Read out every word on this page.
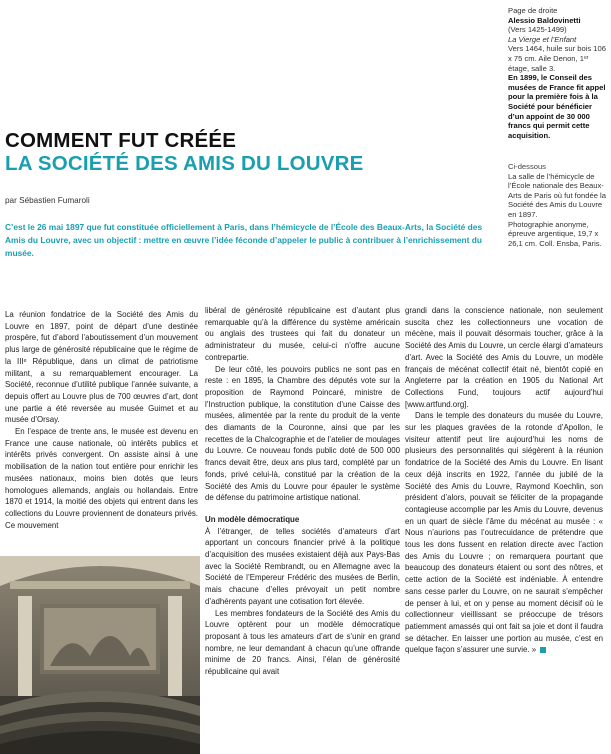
Page de droite

Alessio Baldovinetti

(Vers 1425-1499)

La Vierge et l’Enfant

Vers 1464, huile sur bois 106 x 75 cm. Aile Denon, 1ᵉʳ étage, salle 3.

En 1899, le Conseil des musées de France fit appel pour la première fois à la Société pour bénéficier d’un appoint de 30 000 francs qui permit cette acquisition.

Ci-dessous

La salle de l’hémicycle de l’École nationale des Beaux-Arts de Paris où fut fondée la Société des Amis du Louvre en 1897.

Photographie anonyme, épreuve argentique, 19,7 x 26,1 cm. Coll. Ensba, Paris.

COMMENT FUT CRÉÉE
LA SOCIÉTÉ DES AMIS DU LOUVRE
par Sébastien Fumaroli
C’est le 26 mai 1897 que fut constituée officiellement à Paris, dans l’hémicycle de l’École des Beaux-Arts, la Société des Amis du Louvre, avec un objectif : mettre en œuvre l’idée féconde d’appeler le public à contribuer à l’enrichissement du musée.

La réunion fondatrice de la Société des Amis du Louvre en 1897, point de départ d’une destinée prospère, fut d’abord l’aboutissement d’un mouvement plus large de générosité républicaine que le régime de la IIIᵉ République, dans un climat de patriotisme militant, a su remarquablement encourager. La Société, reconnue d’utilité publique l’année suivante, a depuis offert au Louvre plus de 700 œuvres d’art, dont une partie a été reversée au musée Guimet et au musée d’Orsay.

En l’espace de trente ans, le musée est devenu en France une cause nationale, où intérêts publics et intérêts privés convergent. On assiste ainsi à une mobilisation de la nation tout entière pour enrichir les musées nationaux, moins bien dotés que leurs homologues allemands, anglais ou hollandais. Entre 1870 et 1914, la moitié des objets qui entrent dans les collections du Louvre proviennent de donateurs privés. Ce mouvement

libéral de générosité républicaine est d’autant plus remarquable qu’à la différence du système américain ou anglais des trustees qui fait du donateur un administrateur du musée, celui-ci n’offre aucune contrepartie.

De leur côté, les pouvoirs publics ne sont pas en reste : en 1895, la Chambre des députés vote sur la proposition de Raymond Poincaré, ministre de l’Instruction publique, la constitution d’une Caisse des musées, alimentée par la rente du produit de la vente des diamants de la Couronne, ainsi que par les recettes de la Chalcographie et de l’atelier de moulages du Louvre. Ce nouveau fonds public doté de 500 000 francs devait être, deux ans plus tard, complété par un fonds, privé celui-là, constitué par la création de la Société des Amis du Louvre pour épauler le système de défense du patrimoine artistique national.

Un modèle démocratique

À l’étranger, de telles sociétés d’amateurs d’art apportant un concours financier privé à la politique d’acquisition des musées existaient déjà aux Pays-Bas avec la Société Rembrandt, ou en Allemagne avec la Société de l’Empereur Frédéric des musées de Berlin, mais chacune d’elles prévoyait un petit nombre d’adhérents payant une cotisation fort élevée.

Les membres fondateurs de la Société des Amis du Louvre optèrent pour un modèle démocratique proposant à tous les amateurs d’art de s’unir en grand nombre, ne leur demandant à chacun qu’une offrande minime de 20 francs. Ainsi, l’élan de générosité républicaine qui avait

grandi dans la conscience nationale, non seulement suscita chez les collectionneurs une vocation de mécène, mais il pouvait désormais toucher, grâce à la Société des Amis du Louvre, un cercle élargi d’amateurs d’art. Avec la Société des Amis du Louvre, un modèle français de mécénat collectif était né, bientôt copié en Angleterre par la création en 1905 du National Art Collections Fund, toujours actif aujourd’hui [www.artfund.org].

Dans le temple des donateurs du musée du Louvre, sur les plaques gravées de la rotonde d’Apollon, le visiteur attentif peut lire aujourd’hui les noms de plusieurs des personnalités qui siégèrent à la réunion fondatrice de la Société des Amis du Louvre. En lisant ceux déjà inscrits en 1922, l’année du jubilé de la Société des Amis du Louvre, Raymond Koechlin, son président d’alors, pouvait se féliciter de la propagande contagieuse accomplie par les Amis du Louvre, devenus en un quart de siècle l’âme du mécénat au musée : « Nous n’aurions pas l’outrecuidance de prétendre que tous les dons fussent en relation directe avec l’action des Amis du Louvre ; on remarquera pourtant que beaucoup des donateurs étaient ou sont des nôtres, et cette action de la Société est indéniable. À entendre sans cesse parler du Louvre, on ne saurait s’empêcher de penser à lui, et on y pense au moment décisif où le collectionneur vieillissant se préoccupe de trésors patiemment amassés qui ont fait sa joie et dont il faudra se détacher. En laisser une portion au musée, c’est en quelque façon s’assurer une survie. »
